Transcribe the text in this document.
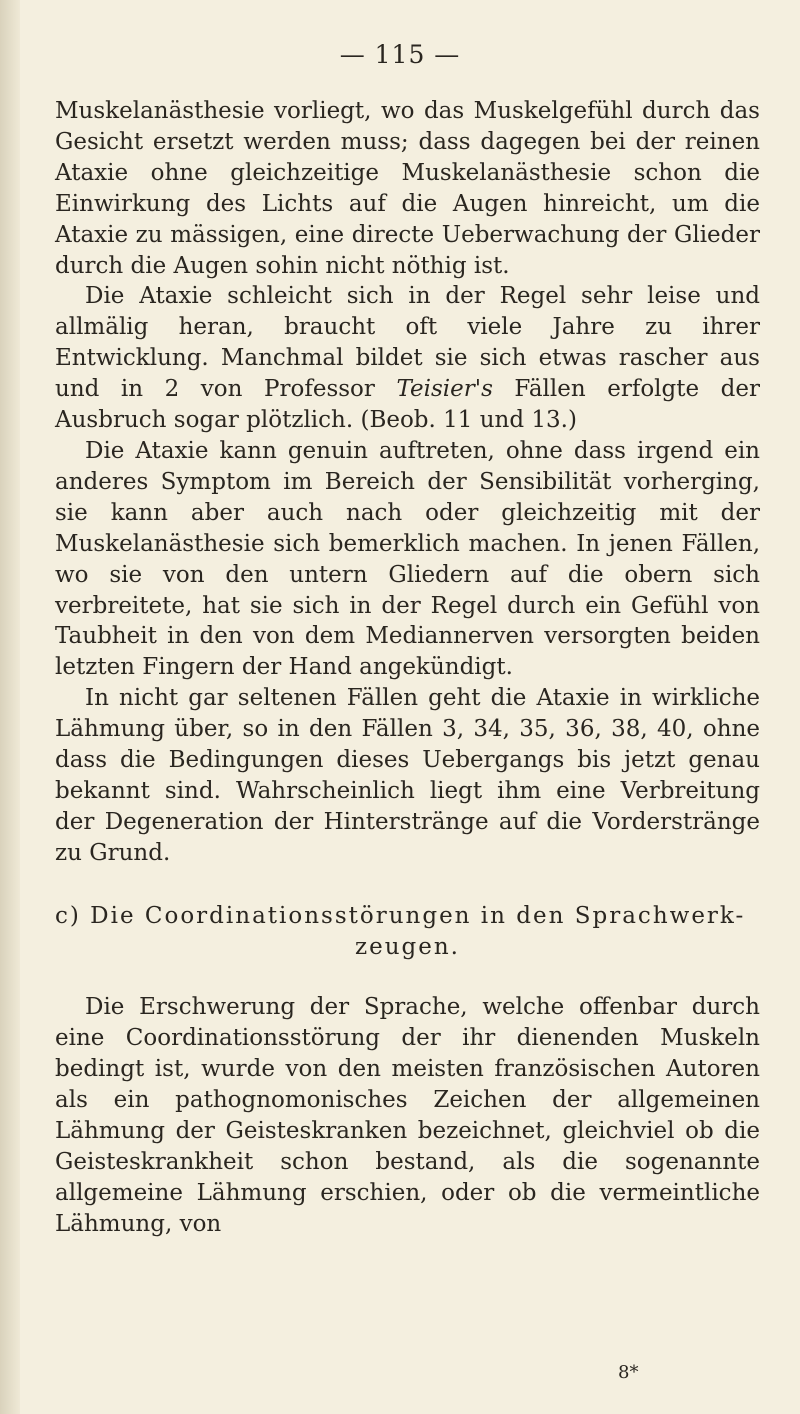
— 115 —

Muskelanästhesie vorliegt, wo das Muskelgefühl durch das Gesicht ersetzt werden muss; dass dagegen bei der reinen Ataxie ohne gleichzeitige Muskelanästhesie schon die Einwirkung des Lichts auf die Augen hinreicht, um die Ataxie zu mässigen, eine directe Ueberwachung der Glieder durch die Augen sohin nicht nöthig ist.

Die Ataxie schleicht sich in der Regel sehr leise und allmälig heran, braucht oft viele Jahre zu ihrer Entwicklung. Manchmal bildet sie sich etwas rascher aus und in 2 von Professor Teisier's Fällen erfolgte der Ausbruch sogar plötzlich. (Beob. 11 und 13.)

Die Ataxie kann genuin auftreten, ohne dass irgend ein anderes Symptom im Bereich der Sensibilität vorherging, sie kann aber auch nach oder gleichzeitig mit der Muskelanästhesie sich bemerklich machen. In jenen Fällen, wo sie von den untern Gliedern auf die obern sich verbreitete, hat sie sich in der Regel durch ein Gefühl von Taubheit in den von dem Mediannerven versorgten beiden letzten Fingern der Hand angekündigt.

In nicht gar seltenen Fällen geht die Ataxie in wirkliche Lähmung über, so in den Fällen 3, 34, 35, 36, 38, 40, ohne dass die Bedingungen dieses Uebergangs bis jetzt genau bekannt sind. Wahrscheinlich liegt ihm eine Verbreitung der Degeneration der Hinterstränge auf die Vorderstränge zu Grund.

c) Die Coordinationsstörungen in den Sprachwerk-
zeugen.

Die Erschwerung der Sprache, welche offenbar durch eine Coordinationsstörung der ihr dienenden Muskeln bedingt ist, wurde von den meisten französischen Autoren als ein pathognomonisches Zeichen der allgemeinen Lähmung der Geisteskranken bezeichnet, gleichviel ob die Geisteskrankheit schon bestand, als die sogenannte allgemeine Lähmung erschien, oder ob die vermeintliche Lähmung, von

8*
